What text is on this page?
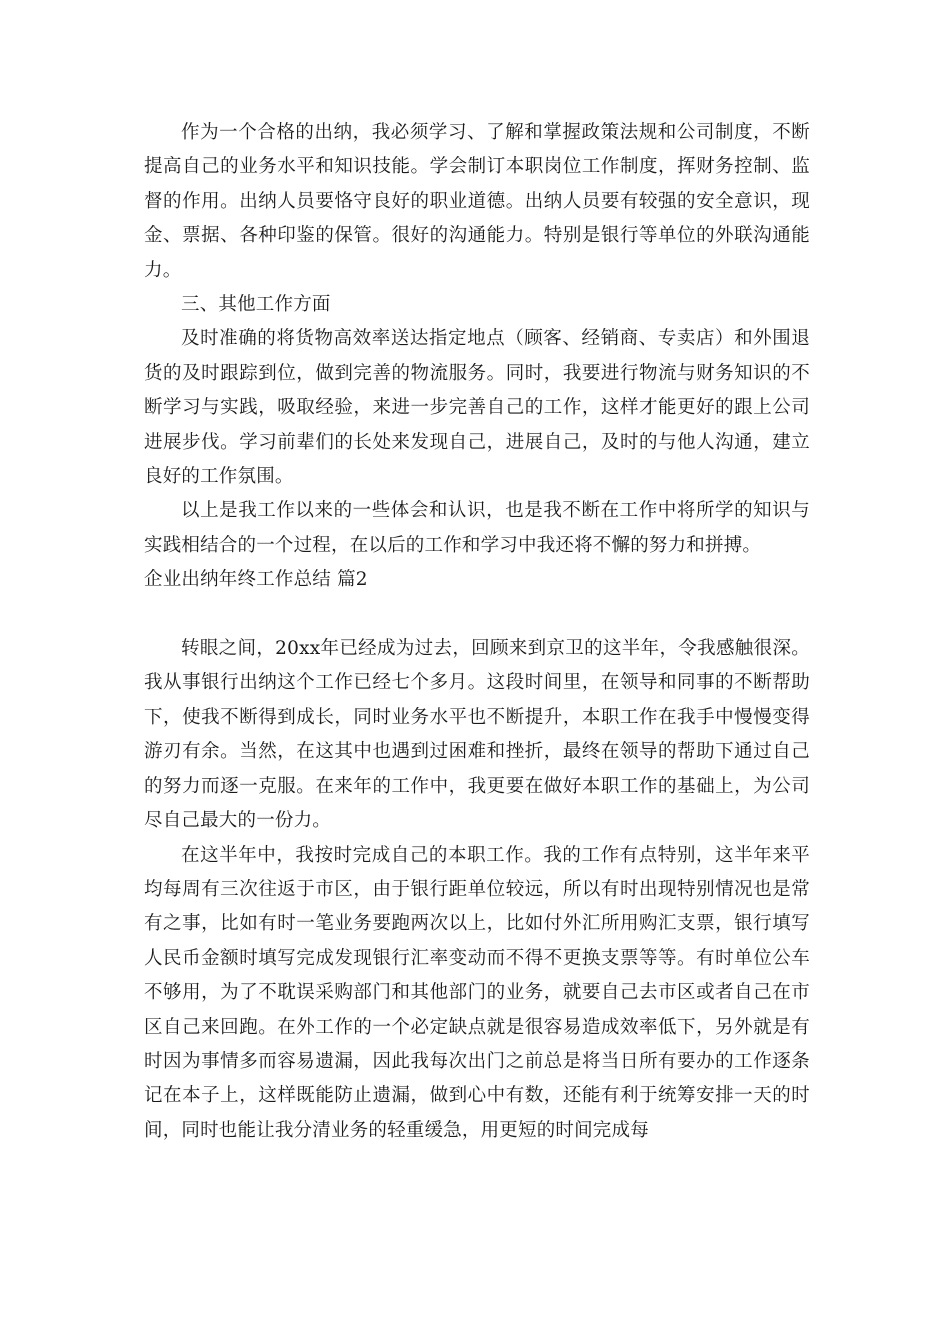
作为一个合格的出纳，我必须学习、了解和掌握政策法规和公司制度，不断提高自己的业务水平和知识技能。学会制订本职岗位工作制度，挥财务控制、监督的作用。出纳人员要恪守良好的职业道德。出纳人员要有较强的安全意识，现金、票据、各种印鉴的保管。很好的沟通能力。特别是银行等单位的外联沟通能力。

三、其他工作方面

及时准确的将货物高效率送达指定地点（顾客、经销商、专卖店）和外围退货的及时跟踪到位，做到完善的物流服务。同时，我要进行物流与财务知识的不断学习与实践，吸取经验，来进一步完善自己的工作，这样才能更好的跟上公司进展步伐。学习前辈们的长处来发现自己，进展自己，及时的与他人沟通，建立良好的工作氛围。

以上是我工作以来的一些体会和认识，也是我不断在工作中将所学的知识与实践相结合的一个过程，在以后的工作和学习中我还将不懈的努力和拼搏。

企业出纳年终工作总结 篇2

转眼之间，20xx年已经成为过去，回顾来到京卫的这半年，令我感触很深。我从事银行出纳这个工作已经七个多月。这段时间里，在领导和同事的不断帮助下，使我不断得到成长，同时业务水平也不断提升，本职工作在我手中慢慢变得游刃有余。当然，在这其中也遇到过困难和挫折，最终在领导的帮助下通过自己的努力而逐一克服。在来年的工作中，我更要在做好本职工作的基础上，为公司尽自己最大的一份力。

在这半年中，我按时完成自己的本职工作。我的工作有点特别，这半年来平均每周有三次往返于市区，由于银行距单位较远，所以有时出现特别情况也是常有之事，比如有时一笔业务要跑两次以上，比如付外汇所用购汇支票，银行填写人民币金额时填写完成发现银行汇率变动而不得不更换支票等等。有时单位公车不够用，为了不耽误采购部门和其他部门的业务，就要自己去市区或者自己在市区自己来回跑。在外工作的一个必定缺点就是很容易造成效率低下，另外就是有时因为事情多而容易遗漏，因此我每次出门之前总是将当日所有要办的工作逐条记在本子上，这样既能防止遗漏，做到心中有数，还能有利于统筹安排一天的时间，同时也能让我分清业务的轻重缓急，用更短的时间完成每
